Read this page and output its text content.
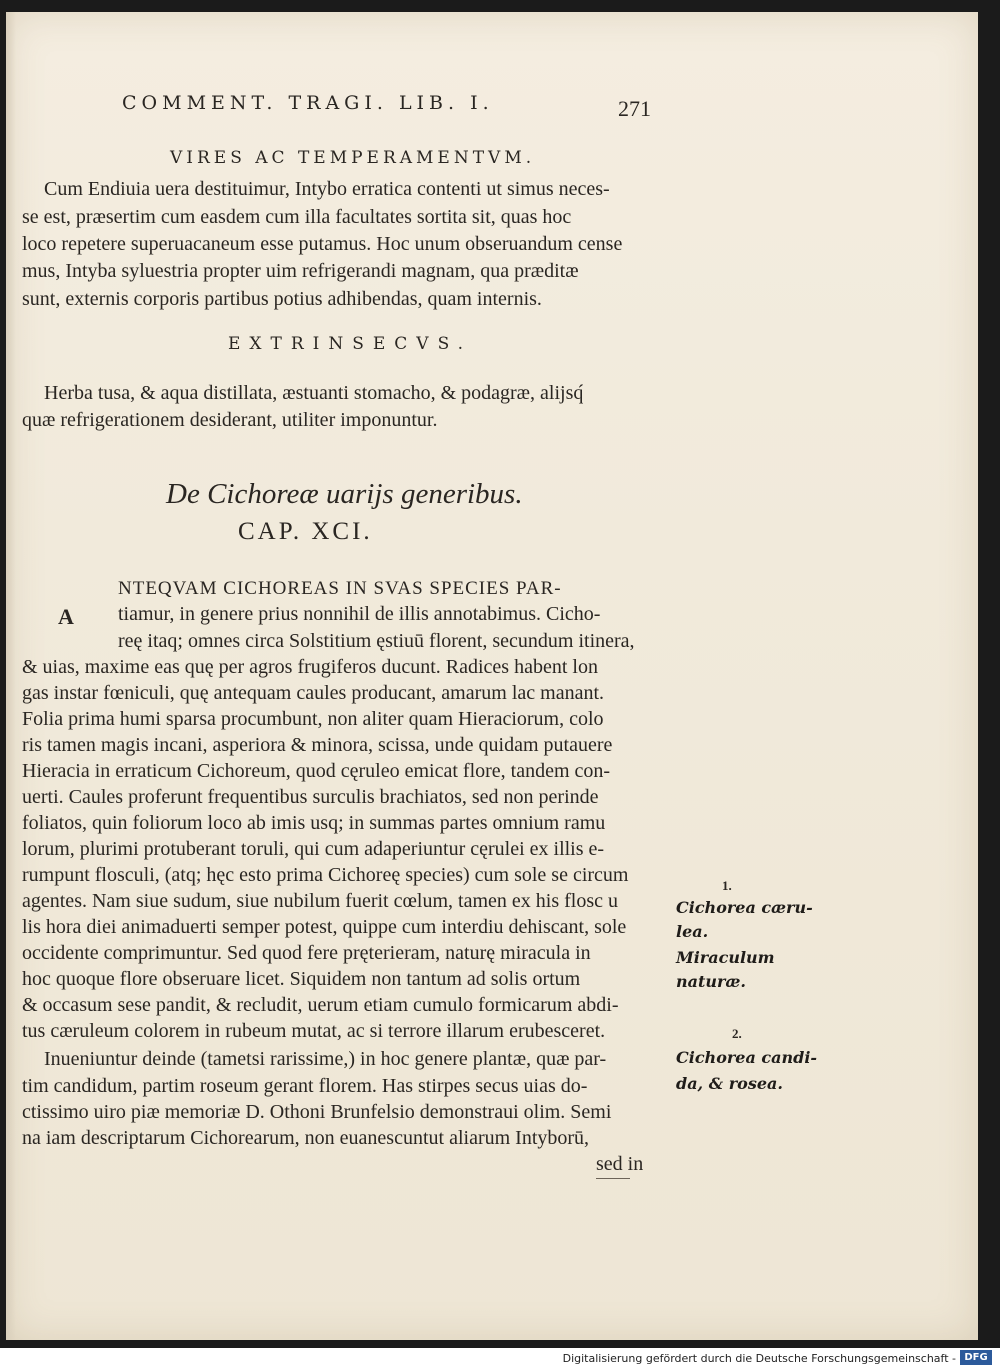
COMMENT. TRAGI. LIB. I.	271
VIRES AC TEMPERAMENTVM.
Cum Endiuia uera destituimur, Intybo erratica contenti ut simus neces-
se est, præsertim cum easdem cum illa facultates sortita sit, quas hoc
loco repetere superuacaneum esse putamus. Hoc unum obseruandum cense
mus, Intyba syluestria propter uim refrigerandi magnam, qua præditæ
sunt, externis corporis partibus potius adhibendas, quam internis.
EXTRINSECVS.
Herba tusa, & aqua distillata, æstuanti stomacho, & podagræ, alijsq́
quæ refrigerationem desiderant, utiliter imponuntur.
De Cichoreæ uarijs generibus.
CAP. XCI.
A
NTEQVAM CICHOREAS IN SVAS SPECIES PAR-
tiamur, in genere prius nonnihil de illis annotabimus. Cicho-
reę itaq; omnes circa Solstitium ęstiuū florent, secundum itinera,
& uias, maxime eas quę per agros frugiferos ducunt. Radices habent lon
gas instar fœniculi, quę antequam caules producant, amarum lac manant.
Folia prima humi sparsa procumbunt, non aliter quam Hieraciorum, colo
ris tamen magis incani, asperiora & minora, scissa, unde quidam putauere
Hieracia in erraticum Cichoreum, quod cęruleo emicat flore, tandem con-
uerti. Caules proferunt frequentibus surculis brachiatos, sed non perinde
foliatos, quin foliorum loco ab imis usq; in summas partes omnium ramu
lorum, plurimi protuberant toruli, qui cum adaperiuntur cęrulei ex illis e-
rumpunt flosculi, (atq; hęc esto prima Cichoreę species) cum sole se circum
agentes. Nam siue sudum, siue nubilum fuerit cœlum, tamen ex his flosc u
lis hora diei animaduerti semper potest, quippe cum interdiu dehiscant, sole
occidente comprimuntur. Sed quod fere pręterieram, naturę miracula in
hoc quoque flore obseruare licet. Siquidem non tantum ad solis ortum
& occasum sese pandit, & recludit, uerum etiam cumulo formicarum abdi-
tus cæruleum colorem in rubeum mutat, ac si terrore illarum erubesceret.
Inueniuntur deinde (tametsi rarissime,) in hoc genere plantæ, quæ par-
tim candidum, partim roseum gerant florem. Has stirpes secus uias do-
ctissimo uiro piæ memoriæ D. Othoni Brunfelsio demonstraui olim. Semi
na iam descriptarum Cichorearum, non euanescuntut aliarum Intyborū,
sed in
1.
Cichorea cæru-
lea.
Miraculum
naturæ.
2.
Cichorea candi-
da, & rosea.
Digitalisierung gefördert durch die Deutsche Forschungsgemeinschaft - DFG
